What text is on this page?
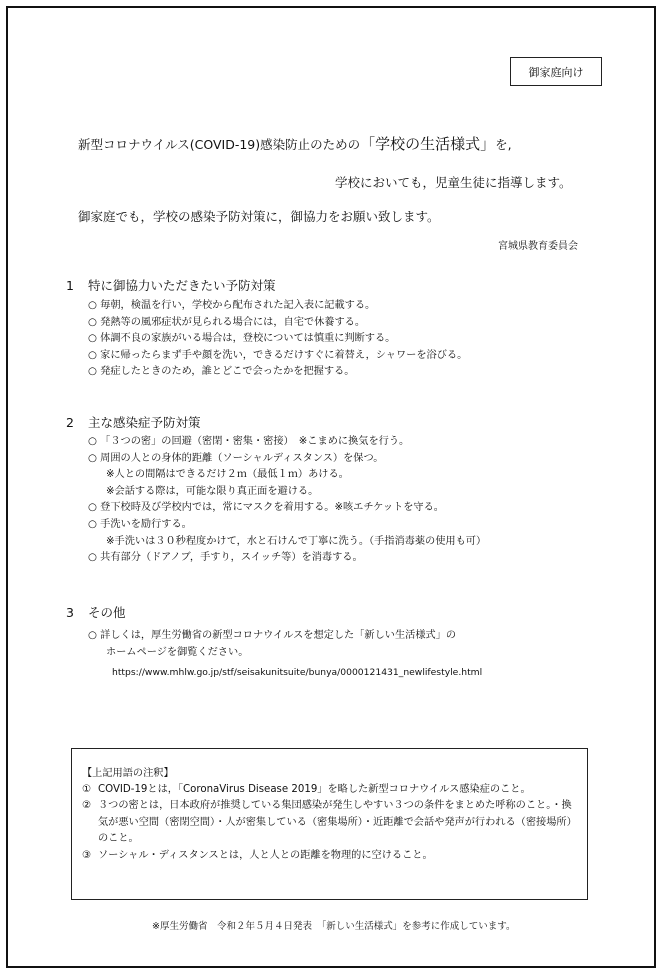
御家庭向け
新型コロナウイルス(COVID-19)感染防止のための「学校の生活様式」を,
学校においても，児童生徒に指導します。
御家庭でも，学校の感染予防対策に，御協力をお願い致します。
宮城県教育委員会
1 特に御協力いただきたい予防対策
○ 毎朝，検温を行い，学校から配布された記入表に記載する。
○ 発熱等の風邪症状が見られる場合には，自宅で休養する。
○ 体調不良の家族がいる場合は，登校については慎重に判断する。
○ 家に帰ったらまず手や顔を洗い，できるだけすぐに着替え，シャワーを浴びる。
○ 発症したときのため，誰とどこで会ったかを把握する。
2 主な感染症予防対策
○ 「３つの密」の回避（密閉・密集・密接）　※こまめに換気を行う。
○ 周囲の人との身体的距離（ソーシャルディスタンス）を保つ。
※人との間隔はできるだけ２ｍ（最低１ｍ）あける。
※会話する際は，可能な限り真正面を避ける。
○ 登下校時及び学校内では，常にマスクを着用する。※咳エチケットを守る。
○ 手洗いを励行する。
※手洗いは３０秒程度かけて，水と石けんで丁寧に洗う。（手指消毒薬の使用も可）
○ 共有部分（ドアノブ，手すり，スイッチ等）を消毒する。
3 その他
○ 詳しくは，厚生労働省の新型コロナウイルスを想定した「新しい生活様式」の
ホームページを御覧ください。
https://www.mhlw.go.jp/stf/seisakunitsuite/bunya/0000121431_newlifestyle.html
【上記用語の注釈】
① COVID-19とは，「CoronaVirus Disease 2019」を略した新型コロナウイルス感染症のこと。
② ３つの密とは，日本政府が推奨している集団感染が発生しやすい３つの条件をまとめた呼称のこと。・換気が悪い空間（密閉空間）・人が密集している（密集場所）・近距離で会話や発声が行われる（密接場所）のこと。
③ ソーシャル・ディスタンスとは，人と人との距離を物理的に空けること。
※厚生労働省　令和２年５月４日発表　「新しい生活様式」を参考に作成しています。
